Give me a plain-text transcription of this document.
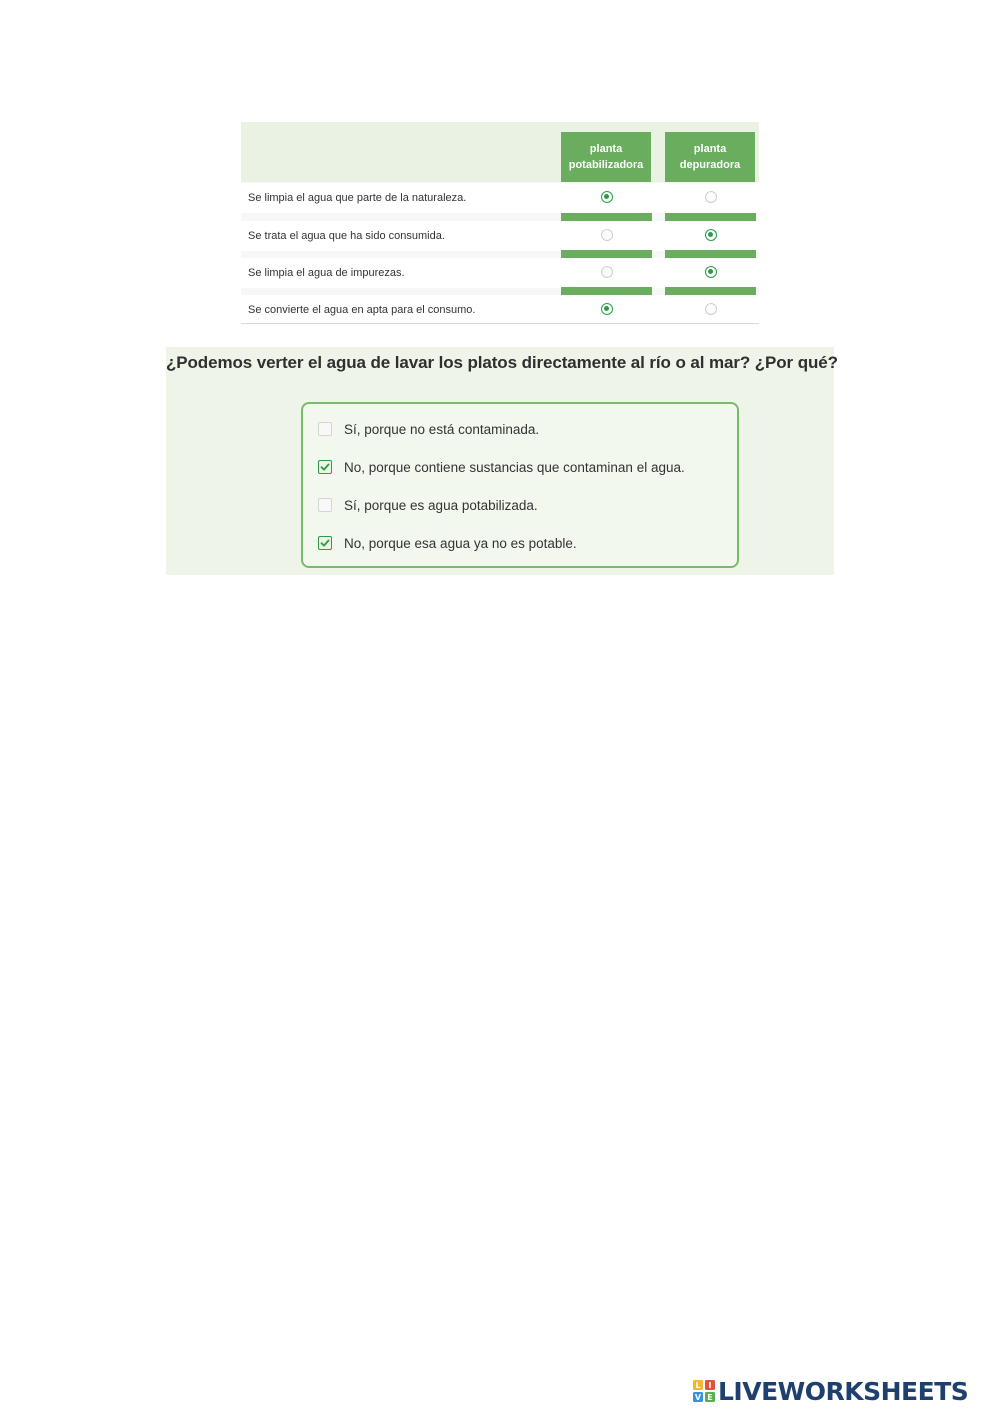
planta
potabilizadora
planta
depuradora
Se limpia el agua que parte de la naturaleza.
Se trata el agua que ha sido consumida.
Se limpia el agua de impurezas.
Se convierte el agua en apta para el consumo.
¿Podemos verter el agua de lavar los platos directamente al río o al mar? ¿Por qué?
Sí, porque no está contaminada.
No, porque contiene sustancias que contaminan el agua.
Sí, porque es agua potabilizada.
No, porque esa agua ya no es potable.
L I
V E LIVEWORKSHEETS
